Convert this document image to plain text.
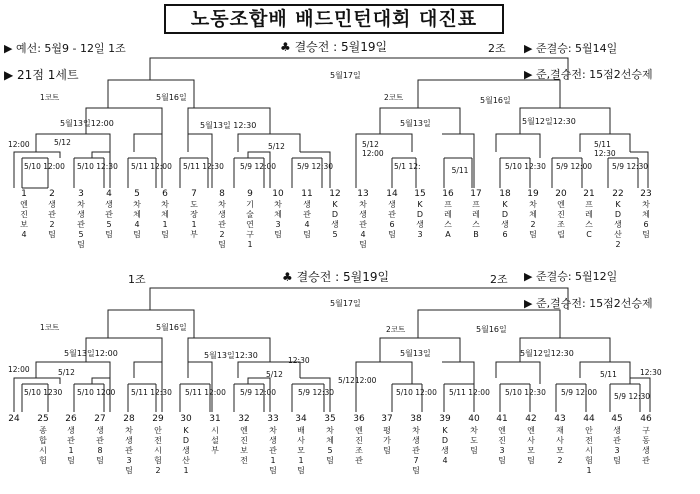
노동조합배 배드민턴대회 대진표
▶ 예선: 5월9 - 12일 1조
▶ 21점 1세트
♣ 결승전 : 5월19일	2조 ▶ 준결승: 5월14일
▶ 준,결승전: 15점2선승제
5월17일
1코트	5월16일	2코트	5월16일
5월13일12:00	5월13일 12:30	5월13일	5월12일12:30
12:00	5/12	5/12	5/12 12:00
5/11 12:30
5/10 12:00 5/10 12:30 5/11 12:00 5/11 12:30 5/9 12:00	5/9 12:30	5/1 12:	5/11	5/10 12:30 5/9 12:00	5/9 12:30
1
엔진보4
2
생관2팀
3
차생관5팀
4
생관5팀
5
차체4팀
6
차체1팀
7
도장1부
8
차생관2팀
9
기술연구1
10
차체3팀
11
생관4팀
12
KD생5
13
차생관4팀
14
생관6팀
15
KD생3
16
프레스A
17
프레스B
18
KD생6
19
차체2팀
20
엔진조립
21
프레스C
22
KD생산2
23
차체6팀
1조	♣ 결승전 : 5월19일	2조 ▶ 준결승: 5월12일
▶ 준,결승전: 15점2선승제
5월17일
1코트	5월16일	2코트	5월16일
5월13일12:00	5월13일12:30	5월13일	5월12일12:30
12:00	5/12	5/12
12:30
5/1212:00
5/11	12:30
5/10 1230 5/10 1200 5/11 12:30 5/11 12:00 5/9 12:00	5/9 12:30	5/10 12:00 5/11 12:00 5/10 12:30 5/9 12:00 5/9 12:30
24 25
종합시험
26
생관1팀
27
생관8팀
28
차생관3팀
29
안전시험2
30
KD생산1
31
시설부
32
엔진보전
33
차생관1팀
34
배사모1팀
35
차체5팀
36
엔진조관
37
평가팀
38
차생관7팀
39
KD생4
40
차도팀
41
엔진3팀
42
엔사모팀
43
재사모2
44
안전시험1
45
생관3팀
46
구동생관
